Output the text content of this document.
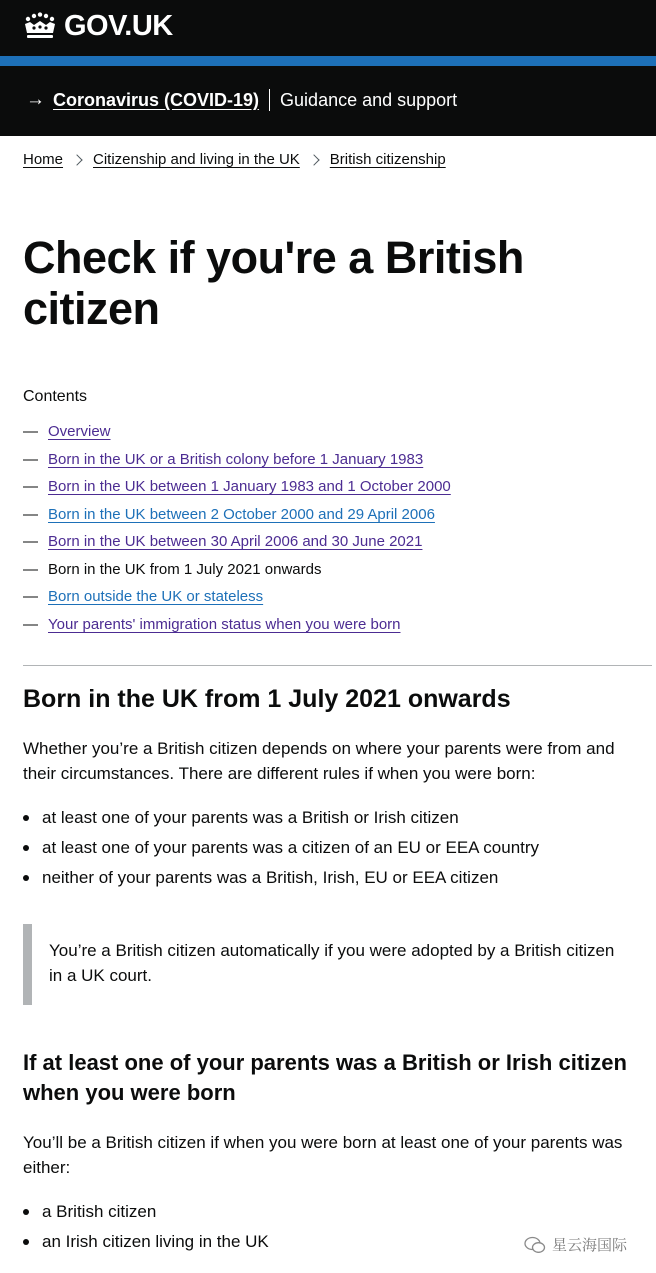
GOV.UK
→ Coronavirus (COVID-19) Guidance and support
Home Citizenship and living in the UK British citizenship
Check if you're a British citizen
Contents
— Overview
— Born in the UK or a British colony before 1 January 1983
— Born in the UK between 1 January 1983 and 1 October 2000
— Born in the UK between 2 October 2000 and 29 April 2006
— Born in the UK between 30 April 2006 and 30 June 2021
— Born in the UK from 1 July 2021 onwards
— Born outside the UK or stateless
— Your parents' immigration status when you were born
Born in the UK from 1 July 2021 onwards

Whether you’re a British citizen depends on where your parents were from and their circumstances. There are different rules if when you were born:

at least one of your parents was a British or Irish citizen
at least one of your parents was a citizen of an EU or EEA country
neither of your parents was a British, Irish, EU or EEA citizen

You’re a British citizen automatically if you were adopted by a British citizen in a UK court.

If at least one of your parents was a British or Irish citizen when you were born

You’ll be a British citizen if when you were born at least one of your parents was either:

a British citizen
an Irish citizen living in the UK	星云海国际
